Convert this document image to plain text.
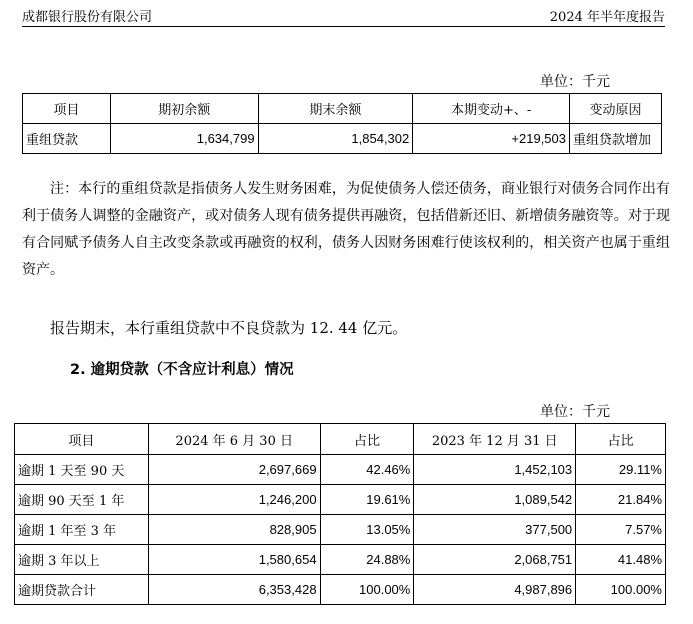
成都银行股份有限公司	2024 年半年度报告
单位：千元
项目	期初余额	期末余额	本期变动+、-	变动原因
重组贷款	1,634,799	1,854,302	+219,503	重组贷款增加

注：本行的重组贷款是指债务人发生财务困难，为促使债务人偿还债务，商业银行对债务合同作出有利于债务人调整的金融资产，或对债务人现有债务提供再融资，包括借新还旧、新增债务融资等。对于现有合同赋予债务人自主改变条款或再融资的权利，债务人因财务困难行使该权利的，相关资产也属于重组资产。

报告期末，本行重组贷款中不良贷款为 12. 44 亿元。

2. 逾期贷款（不含应计利息）情况
单位：千元
项目	2024 年 6 月 30 日	占比	2023 年 12 月 31 日	占比
逾期 1 天至 90 天	2,697,669	42.46%	1,452,103	29.11%
逾期 90 天至 1 年	1,246,200	19.61%	1,089,542	21.84%
逾期 1 年至 3 年	828,905	13.05%	377,500	7.57%
逾期 3 年以上	1,580,654	24.88%	2,068,751	41.48%
逾期贷款合计	6,353,428	100.00%	4,987,896	100.00%
